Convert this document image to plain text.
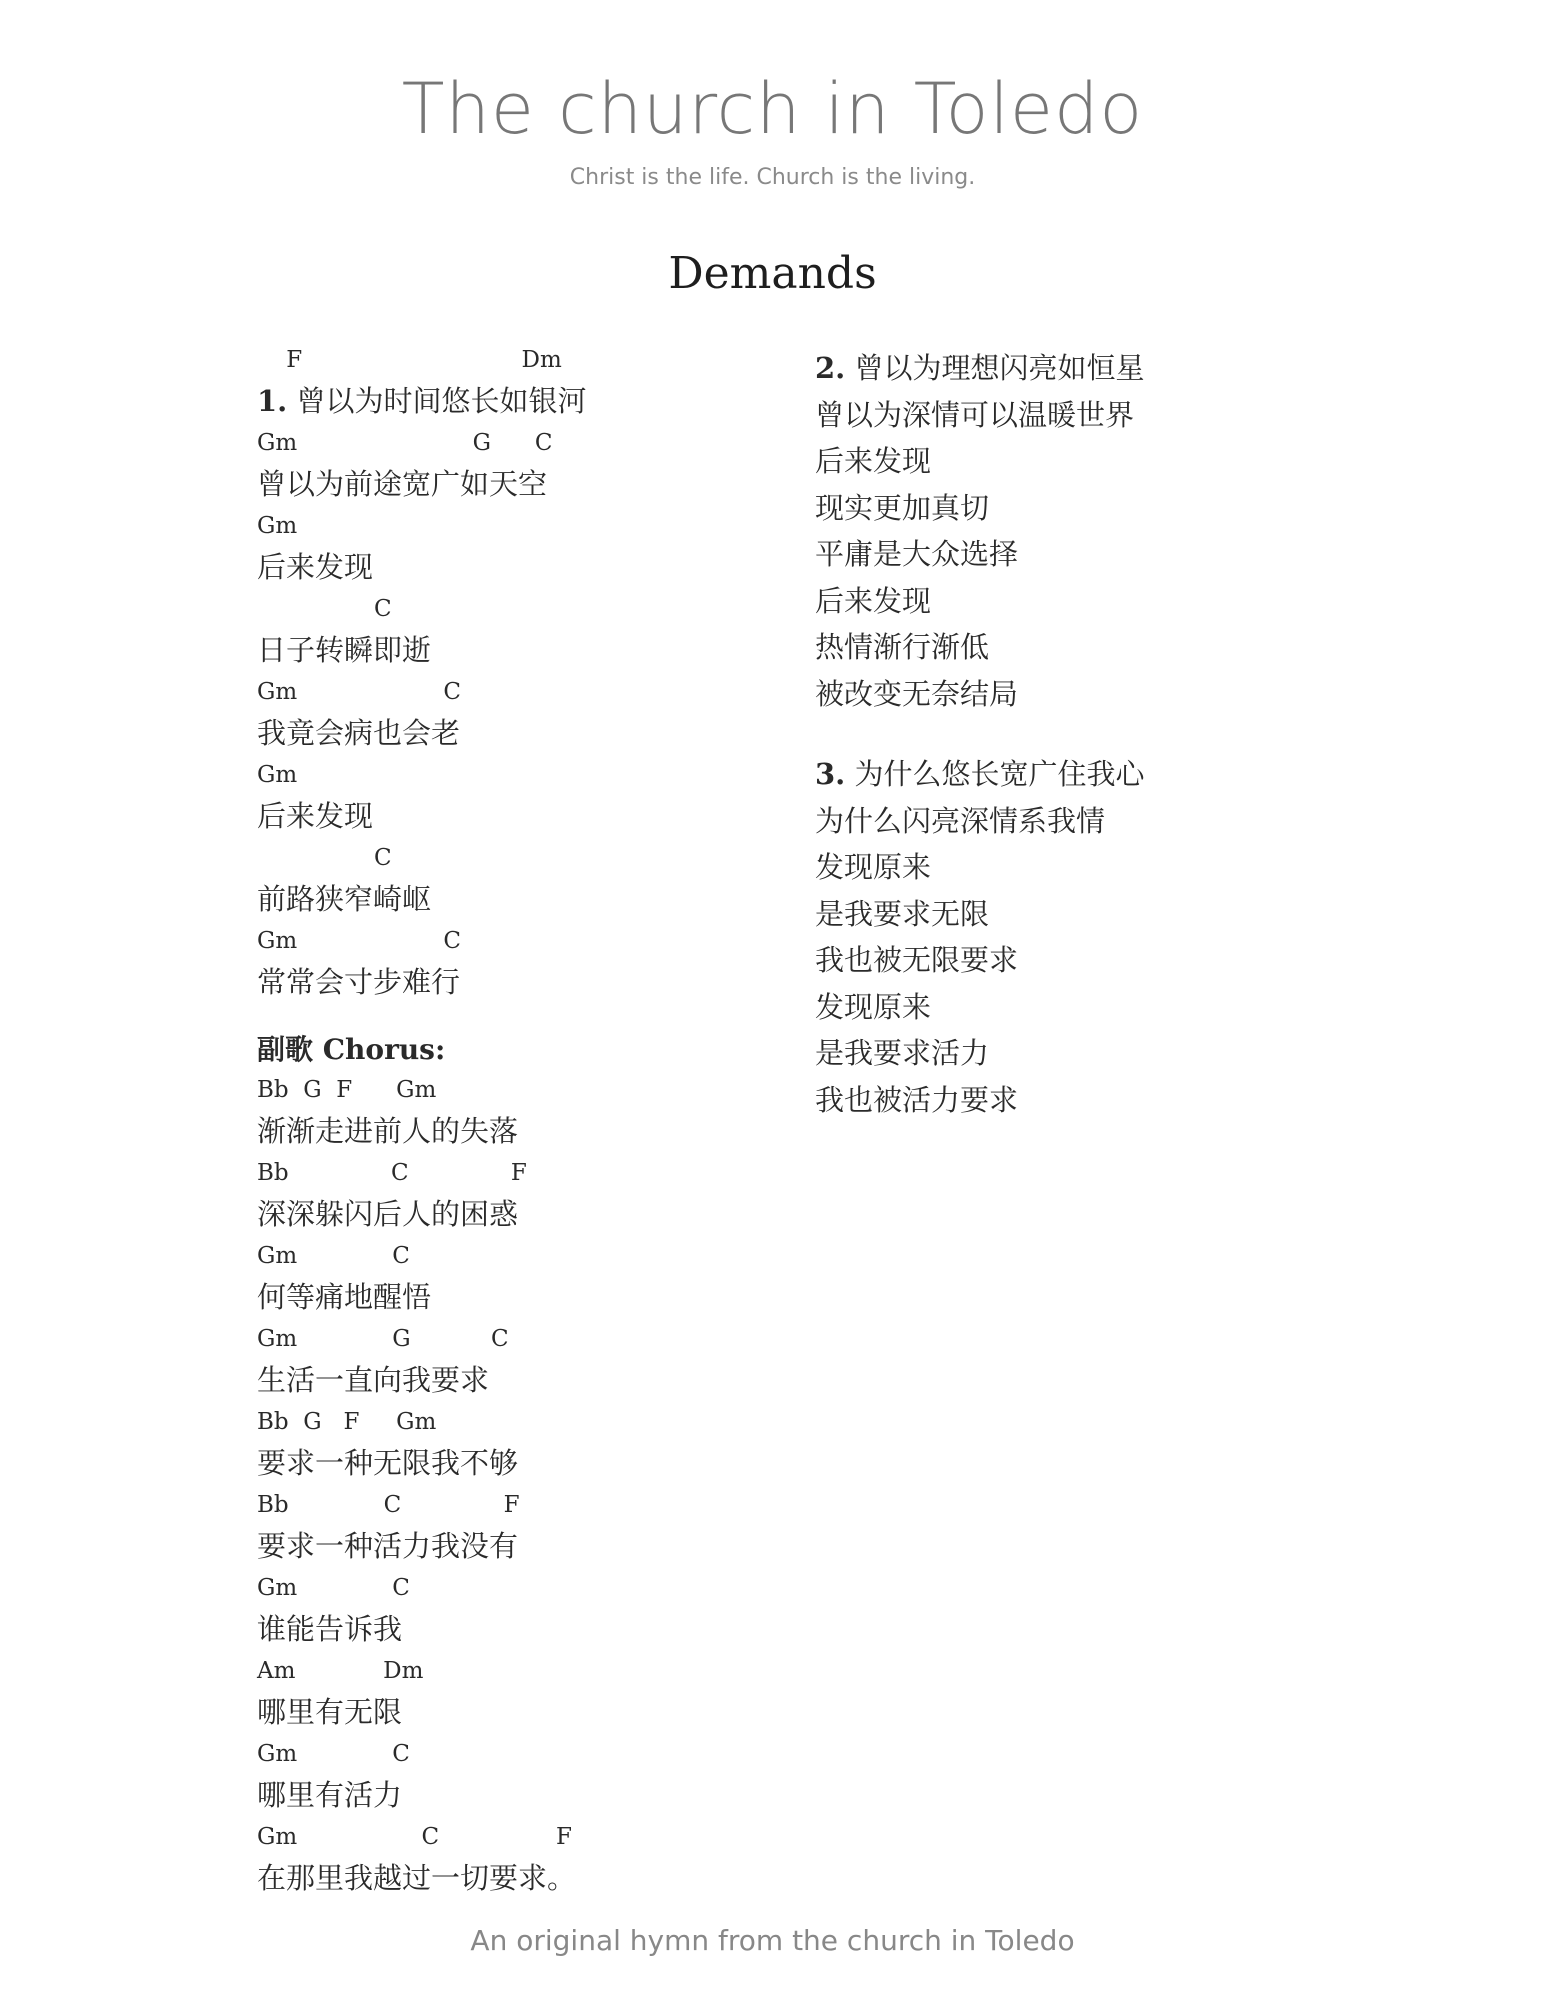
The church in Toledo
Christ is the life. Church is the living.
Demands
F                              Dm
1. 曾以为时间悠长如银河
Gm                        G      C
曾以为前途宽广如天空
Gm
后来发现
C
日子转瞬即逝
Gm                    C
我竟会病也会老
Gm
后来发现
C
前路狭窄崎岖
Gm                    C
常常会寸步难行
副歌 Chorus:
Bb  G  F      Gm
渐渐走进前人的失落
Bb              C              F
深深躲闪后人的困惑
Gm             C
何等痛地醒悟
Gm             G           C
生活一直向我要求
Bb  G   F     Gm
要求一种无限我不够
Bb             C              F
要求一种活力我没有
Gm             C
谁能告诉我
Am            Dm
哪里有无限
Gm             C
哪里有活力
Gm                 C                F
在那里我越过一切要求。
2. 曾以为理想闪亮如恒星
曾以为深情可以温暖世界
后来发现
现实更加真切
平庸是大众选择
后来发现
热情渐行渐低
被改变无奈结局
3. 为什么悠长宽广住我心
为什么闪亮深情系我情
发现原来
是我要求无限
我也被无限要求
发现原来
是我要求活力
我也被活力要求
An original hymn from the church in Toledo
